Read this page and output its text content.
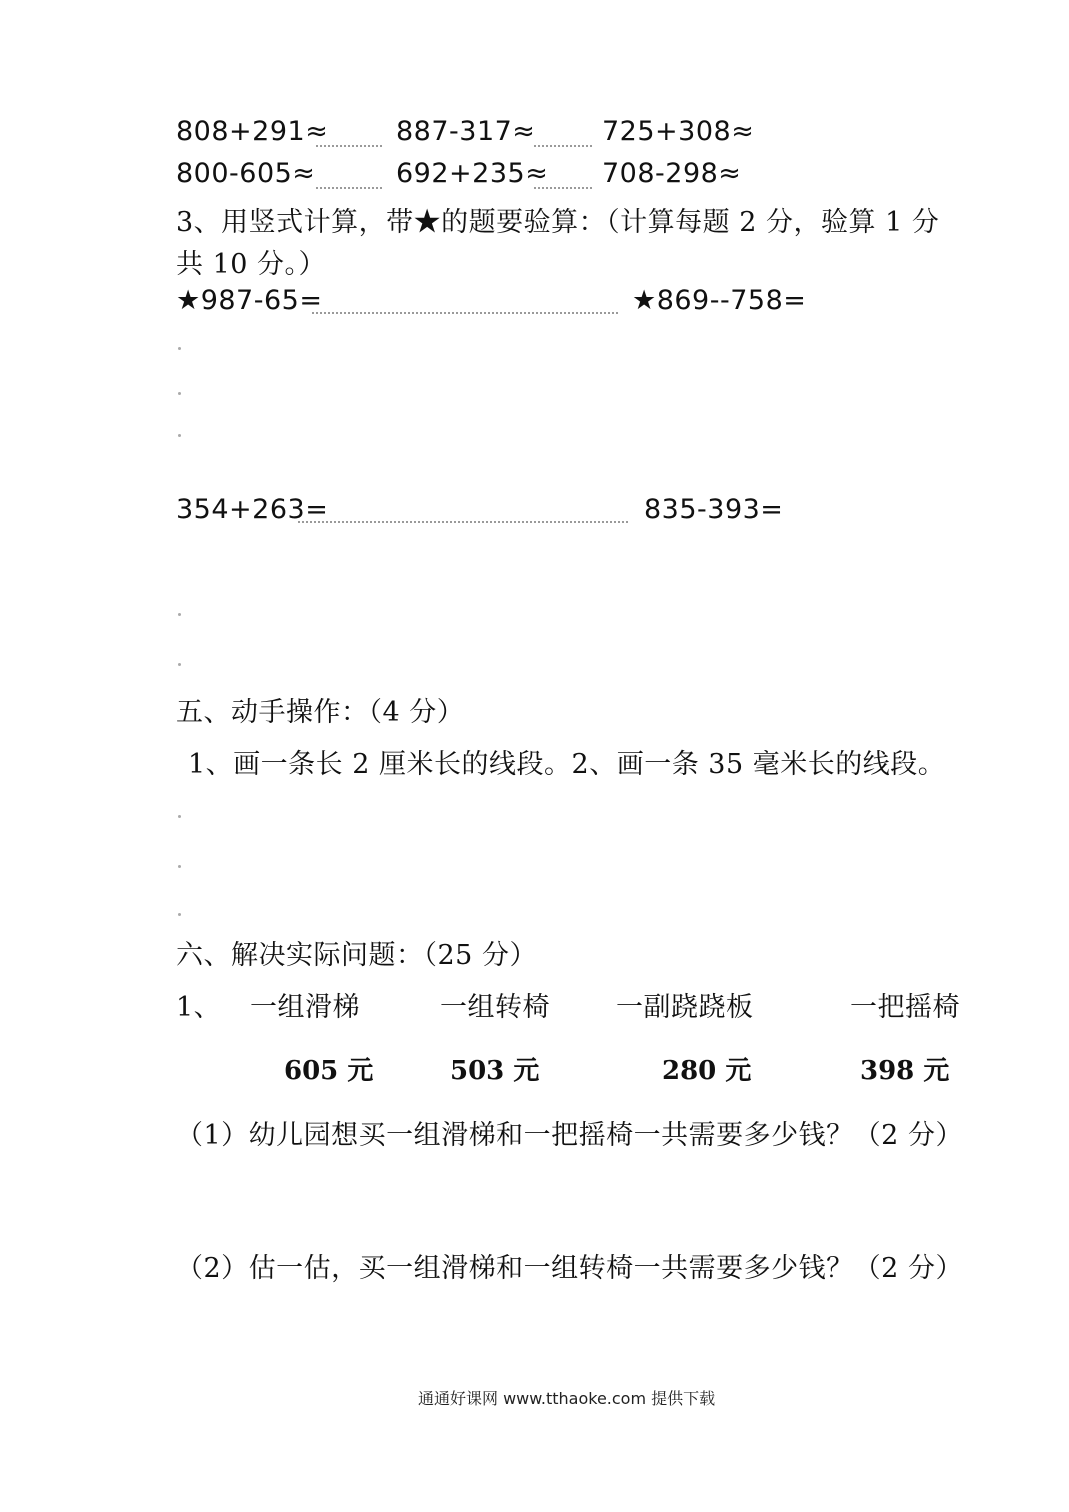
808+291≈	887-317≈ 725+308≈
800-605≈	692+235≈ 708-298≈
3、用竖式计算，带★的题要验算：（计算每题 2 分，验算 1 分
共 10 分。）
★987-65=	★869--758=
354+263=	835-393=
五、动手操作：（4 分）
1、画一条长 2 厘米长的线段。2、画一条 35 毫米长的线段。
六、解决实际问题：（25 分）
1、 一组滑梯	一组转椅 一副跷跷板	一把摇椅
605 元	503 元	280 元	398 元
（1）幼儿园想买一组滑梯和一把摇椅一共需要多少钱？（2 分）
（2）估一估，买一组滑梯和一组转椅一共需要多少钱？（2 分）
通通好课网 www.tthaoke.com 提供下载
